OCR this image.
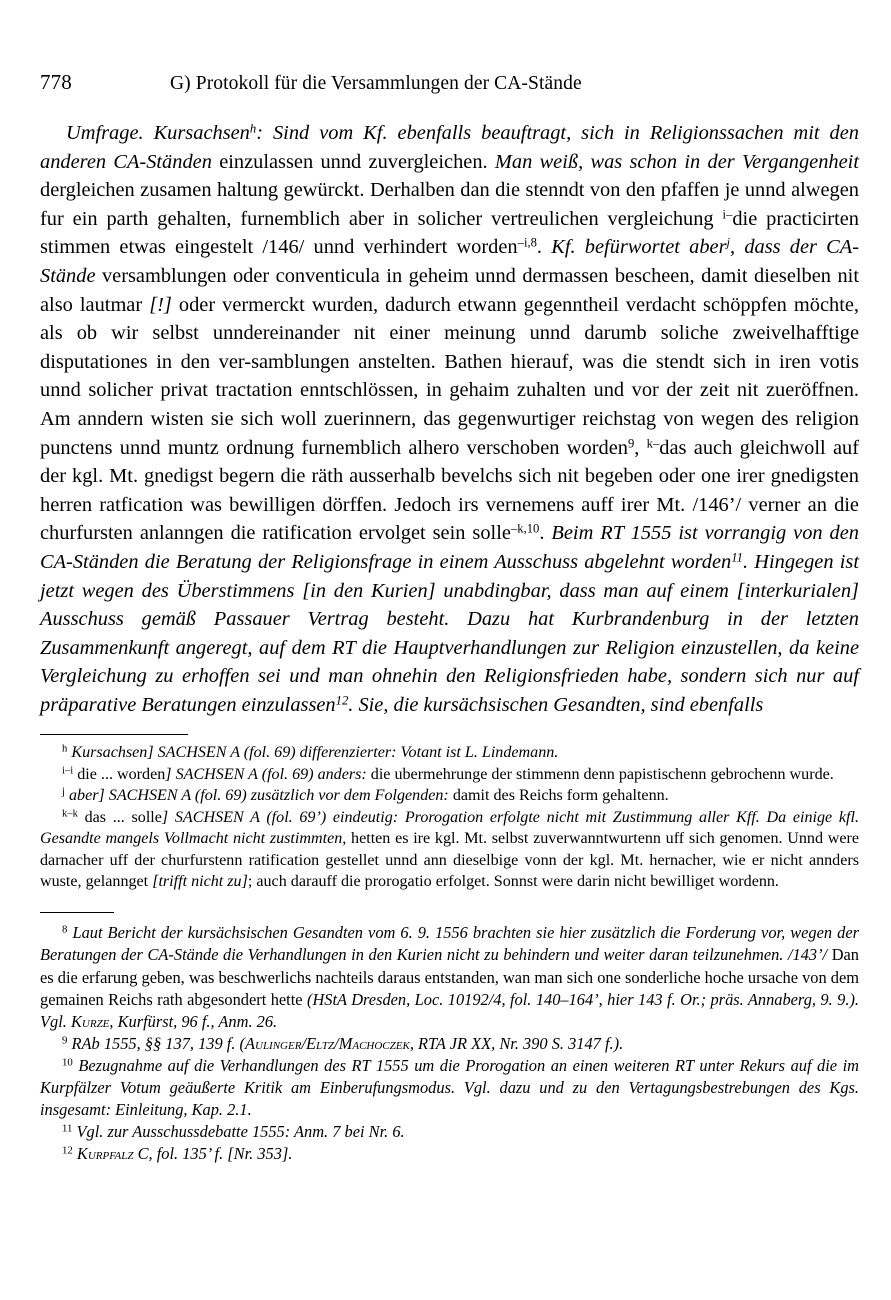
778	G) Protokoll für die Versammlungen der CA-Stände

Umfrage. Kursachsen$^h$: Sind vom Kf. ebenfalls beauftragt, sich in Religionssachen mit den anderen CA-Ständen einzulassen unnd zuvergleichen. Man weiß, was schon in der Vergangenheit dergleichen zusamen haltung gewürckt. Derhalben dan die stenndt von den pfaffen je unnd alwegen fur ein parth gehalten, furnemblich aber in solicher vertreulichen vergleichung $^{i-}$die practicirten stimmen etwas eingestelt /146/ unnd verhindert worden$^{-i,8}$. Kf. befürwortet aber$^j$, dass der CA-Stände versamblungen oder conventicula in geheim unnd dermassen bescheen, damit dieselben nit also lautmar [!] oder vermerckt wurden, dadurch etwann gegenntheil verdacht schöppfen möchte, als ob wir selbst unndereinander nit einer meinung unnd darumb soliche zweivelhafftige disputationes in den ver-samblungen anstelten. Bathen hierauf, was die stendt sich in iren votis unnd solicher privat tractation enntschlössen, in gehaim zuhalten und vor der zeit nit zueröffnen. Am anndern wisten sie sich woll zuerinnern, das gegenwurtiger reichstag von wegen des religion punctens unnd muntz ordnung furnemblich alhero verschoben worden$^9$, $^{k-}$das auch gleichwoll auf der kgl. Mt. gnedigst begern die räth ausserhalb bevelchs sich nit begeben oder one irer gnedigsten herren ratfication was bewilligen dörffen. Jedoch irs vernemens auff irer Mt. /146’/ verner an die churfursten anlanngen die ratification ervolget sein solle$^{-k,10}$. Beim RT 1555 ist vorrangig von den CA-Ständen die Beratung der Religionsfrage in einem Ausschuss abgelehnt worden$^{11}$. Hingegen ist jetzt wegen des Überstimmens [in den Kurien] unabdingbar, dass man auf einem [interkurialen] Ausschuss gemäß Passauer Vertrag besteht. Dazu hat Kurbrandenburg in der letzten Zusammenkunft angeregt, auf dem RT die Hauptverhandlungen zur Religion einzustellen, da keine Vergleichung zu erhoffen sei und man ohnehin den Religionsfrieden habe, sondern sich nur auf präparative Beratungen einzulassen$^{12}$. Sie, die kursächsischen Gesandten, sind ebenfalls

$^h$ Kursachsen] SACHSEN A (fol. 69) differenzierter: Votant ist L. Lindemann.

$^{i-i}$ die ... worden] SACHSEN A (fol. 69) anders: die ubermehrunge der stimmenn denn papistischenn gebrochenn wurde.

$^j$ aber] SACHSEN A (fol. 69) zusätzlich vor dem Folgenden: damit des Reichs form gehaltenn.

$^{k-k}$ das ... solle] SACHSEN A (fol. 69’) eindeutig: Prorogation erfolgte nicht mit Zustimmung aller Kff. Da einige kfl. Gesandte mangels Vollmacht nicht zustimmten, hetten es ire kgl. Mt. selbst zuverwanntwurtenn uff sich genomen. Unnd were darnacher uff der churfurstenn ratification gestellet unnd ann dieselbige vonn der kgl. Mt. hernacher, wie er nicht annders wuste, gelannget [trifft nicht zu]; auch darauff die prorogatio erfolget. Sonnst were darin nicht bewilliget wordenn.

$^8$ Laut Bericht der kursächsischen Gesandten vom 6. 9. 1556 brachten sie hier zusätzlich die Forderung vor, wegen der Beratungen der CA-Stände die Verhandlungen in den Kurien nicht zu behindern und weiter daran teilzunehmen. /143’/ Dan es die erfarung geben, was beschwerlichs nachteils daraus entstanden, wan man sich one sonderliche hoche ursache von dem gemainen Reichs rath abgesondert hette (HStA Dresden, Loc. 10192/4, fol. 140–164’, hier 143 f. Or.; präs. Annaberg, 9. 9.). Vgl. Kurze, Kurfürst, 96 f., Anm. 26.

$^9$ RAb 1555, §§ 137, 139 f. (Aulinger/Eltz/Machoczek, RTA JR XX, Nr. 390 S. 3147 f.).

$^{10}$ Bezugnahme auf die Verhandlungen des RT 1555 um die Prorogation an einen weiteren RT unter Rekurs auf die im Kurpfälzer Votum geäußerte Kritik am Einberufungsmodus. Vgl. dazu und zu den Vertagungsbestrebungen des Kgs. insgesamt: Einleitung, Kap. 2.1.

$^{11}$ Vgl. zur Ausschussdebatte 1555: Anm. 7 bei Nr. 6.

$^{12}$ Kurpfalz C, fol. 135’ f. [Nr. 353].
